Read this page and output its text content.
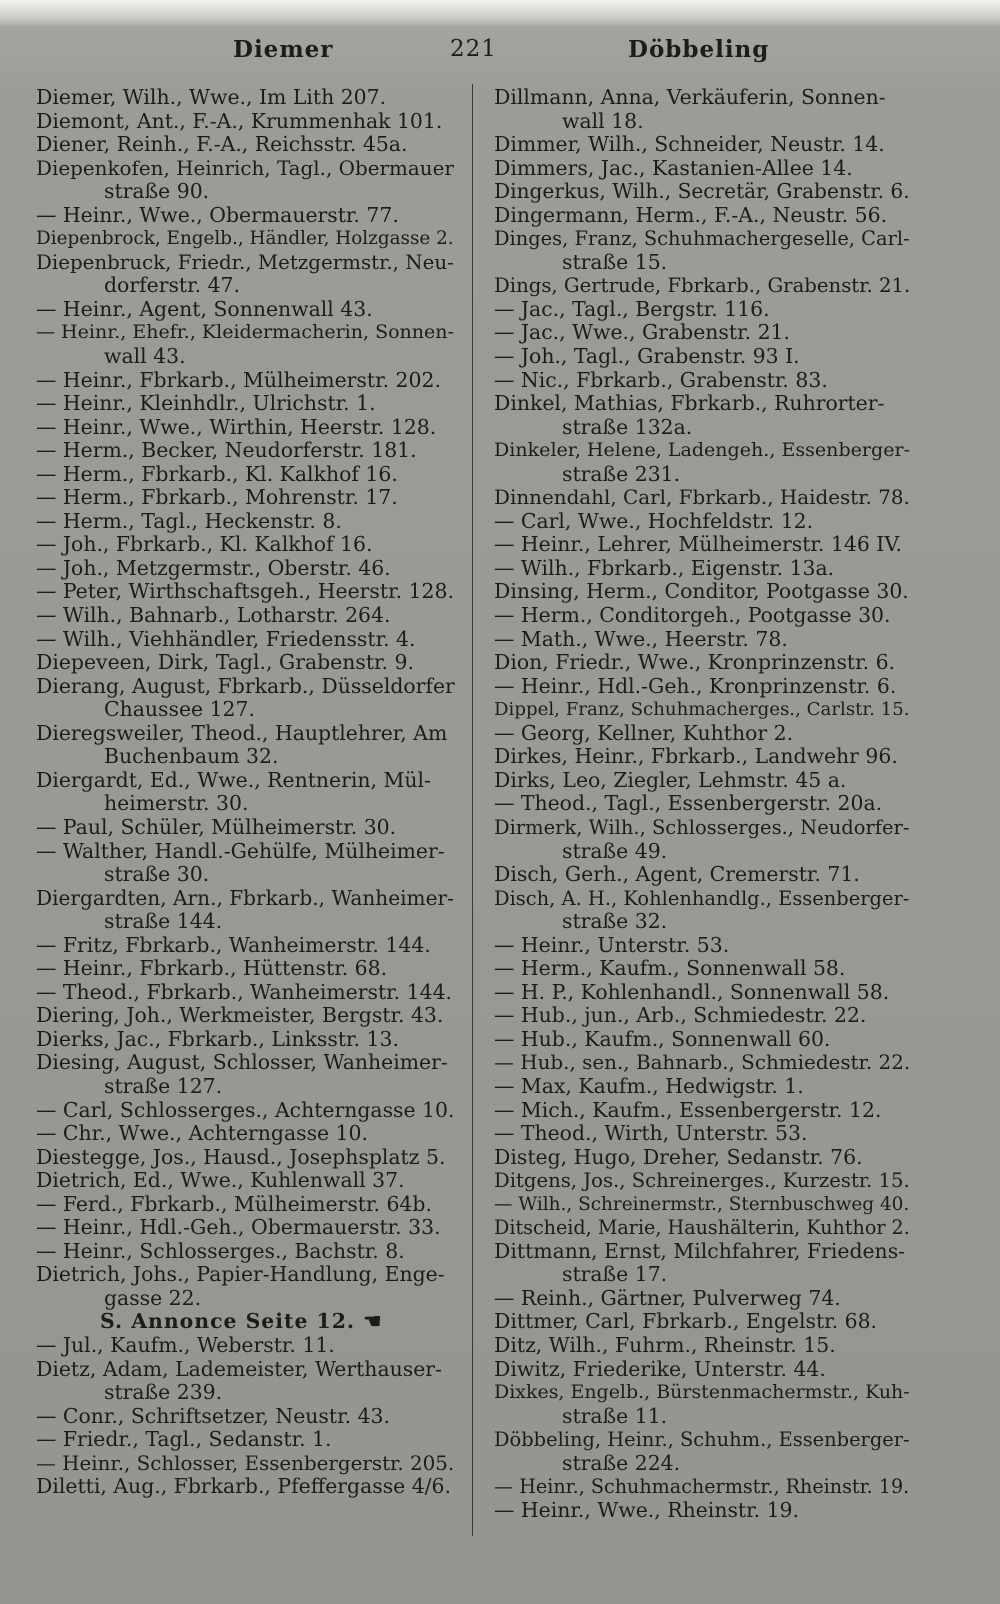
Diemer	221	Döbbeling
Diemer, Wilh., Wwe., Im Lith 207.
Diemont, Ant., F.-A., Krummenhak 101.
Diener, Reinh., F.-A., Reichsstr. 45a.
Diepenkofen, Heinrich, Tagl., Obermauer
straße 90.
— Heinr., Wwe., Obermauerstr. 77.
Diepenbrock, Engelb., Händler, Holzgasse 2.
Diepenbruck, Friedr., Metzgermstr., Neu-
dorferstr. 47.
— Heinr., Agent, Sonnenwall 43.
— Heinr., Ehefr., Kleidermacherin, Sonnen-
wall 43.
— Heinr., Fbrkarb., Mülheimerstr. 202.
— Heinr., Kleinhdlr., Ulrichstr. 1.
— Heinr., Wwe., Wirthin, Heerstr. 128.
— Herm., Becker, Neudorferstr. 181.
— Herm., Fbrkarb., Kl. Kalkhof 16.
— Herm., Fbrkarb., Mohrenstr. 17.
— Herm., Tagl., Heckenstr. 8.
— Joh., Fbrkarb., Kl. Kalkhof 16.
— Joh., Metzgermstr., Oberstr. 46.
— Peter, Wirthschaftsgeh., Heerstr. 128.
— Wilh., Bahnarb., Lotharstr. 264.
— Wilh., Viehhändler, Friedensstr. 4.
Diepeveen, Dirk, Tagl., Grabenstr. 9.
Dierang, August, Fbrkarb., Düsseldorfer
Chaussee 127.
Dieregsweiler, Theod., Hauptlehrer, Am
Buchenbaum 32.
Diergardt, Ed., Wwe., Rentnerin, Mül-
heimerstr. 30.
— Paul, Schüler, Mülheimerstr. 30.
— Walther, Handl.-Gehülfe, Mülheimer-
straße 30.
Diergardten, Arn., Fbrkarb., Wanheimer-
straße 144.
— Fritz, Fbrkarb., Wanheimerstr. 144.
— Heinr., Fbrkarb., Hüttenstr. 68.
— Theod., Fbrkarb., Wanheimerstr. 144.
Diering, Joh., Werkmeister, Bergstr. 43.
Dierks, Jac., Fbrkarb., Linksstr. 13.
Diesing, August, Schlosser, Wanheimer-
straße 127.
— Carl, Schlosserges., Achterngasse 10.
— Chr., Wwe., Achterngasse 10.
Diestegge, Jos., Hausd., Josephsplatz 5.
Dietrich, Ed., Wwe., Kuhlenwall 37.
— Ferd., Fbrkarb., Mülheimerstr. 64b.
— Heinr., Hdl.-Geh., Obermauerstr. 33.
— Heinr., Schlosserges., Bachstr. 8.
Dietrich, Johs., Papier-Handlung, Enge-
gasse 22.
S. Annonce Seite 12. ☚
— Jul., Kaufm., Weberstr. 11.
Dietz, Adam, Lademeister, Werthauser-
straße 239.
— Conr., Schriftsetzer, Neustr. 43.
— Friedr., Tagl., Sedanstr. 1.
— Heinr., Schlosser, Essenbergerstr. 205.
Diletti, Aug., Fbrkarb., Pfeffergasse 4/6.
Dillmann, Anna, Verkäuferin, Sonnen-
wall 18.
Dimmer, Wilh., Schneider, Neustr. 14.
Dimmers, Jac., Kastanien-Allee 14.
Dingerkus, Wilh., Secretär, Grabenstr. 6.
Dingermann, Herm., F.-A., Neustr. 56.
Dinges, Franz, Schuhmachergeselle, Carl-
straße 15.
Dings, Gertrude, Fbrkarb., Grabenstr. 21.
— Jac., Tagl., Bergstr. 116.
— Jac., Wwe., Grabenstr. 21.
— Joh., Tagl., Grabenstr. 93 I.
— Nic., Fbrkarb., Grabenstr. 83.
Dinkel, Mathias, Fbrkarb., Ruhrorter-
straße 132a.
Dinkeler, Helene, Ladengeh., Essenberger-
straße 231.
Dinnendahl, Carl, Fbrkarb., Haidestr. 78.
— Carl, Wwe., Hochfeldstr. 12.
— Heinr., Lehrer, Mülheimerstr. 146 IV.
— Wilh., Fbrkarb., Eigenstr. 13a.
Dinsing, Herm., Conditor, Pootgasse 30.
— Herm., Conditorgeh., Pootgasse 30.
— Math., Wwe., Heerstr. 78.
Dion, Friedr., Wwe., Kronprinzenstr. 6.
— Heinr., Hdl.-Geh., Kronprinzenstr. 6.
Dippel, Franz, Schuhmacherges., Carlstr. 15.
— Georg, Kellner, Kuhthor 2.
Dirkes, Heinr., Fbrkarb., Landwehr 96.
Dirks, Leo, Ziegler, Lehmstr. 45 a.
— Theod., Tagl., Essenbergerstr. 20a.
Dirmerk, Wilh., Schlosserges., Neudorfer-
straße 49.
Disch, Gerh., Agent, Cremerstr. 71.
Disch, A. H., Kohlenhandlg., Essenberger-
straße 32.
— Heinr., Unterstr. 53.
— Herm., Kaufm., Sonnenwall 58.
— H. P., Kohlenhandl., Sonnenwall 58.
— Hub., jun., Arb., Schmiedestr. 22.
— Hub., Kaufm., Sonnenwall 60.
— Hub., sen., Bahnarb., Schmiedestr. 22.
— Max, Kaufm., Hedwigstr. 1.
— Mich., Kaufm., Essenbergerstr. 12.
— Theod., Wirth, Unterstr. 53.
Disteg, Hugo, Dreher, Sedanstr. 76.
Ditgens, Jos., Schreinerges., Kurzestr. 15.
— Wilh., Schreinermstr., Sternbuschweg 40.
Ditscheid, Marie, Haushälterin, Kuhthor 2.
Dittmann, Ernst, Milchfahrer, Friedens-
straße 17.
— Reinh., Gärtner, Pulverweg 74.
Dittmer, Carl, Fbrkarb., Engelstr. 68.
Ditz, Wilh., Fuhrm., Rheinstr. 15.
Diwitz, Friederike, Unterstr. 44.
Dixkes, Engelb., Bürstenmachermstr., Kuh-
straße 11.
Döbbeling, Heinr., Schuhm., Essenberger-
straße 224.
— Heinr., Schuhmachermstr., Rheinstr. 19.
— Heinr., Wwe., Rheinstr. 19.
